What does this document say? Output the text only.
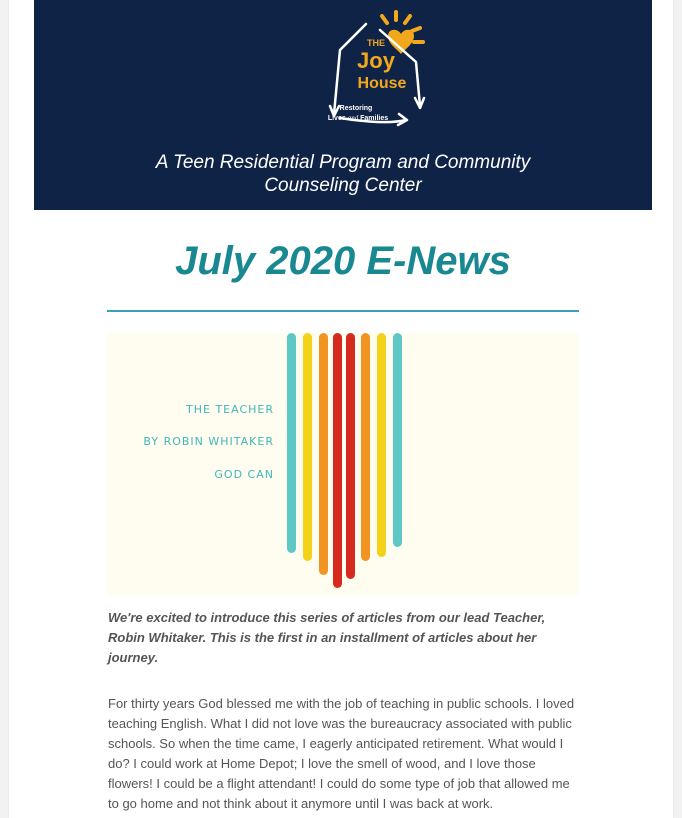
THE
Joy
House
Restoring
Lives and Families
A Teen Residential Program and Community
Counseling Center
July 2020 E-News
THE TEACHER
BY ROBIN WHITAKER
GOD CAN

We're excited to introduce this series of articles from our lead Teacher, Robin Whitaker. This is the first in an installment of articles about her journey.

For thirty years God blessed me with the job of teaching in public schools. I loved teaching English. What I did not love was the bureaucracy associated with public schools. So when the time came, I eagerly anticipated retirement. What would I do? I could work at Home Depot; I love the smell of wood, and I love those flowers! I could be a flight attendant! I could do some type of job that allowed me to go home and not think about it anymore until I was back at work.
